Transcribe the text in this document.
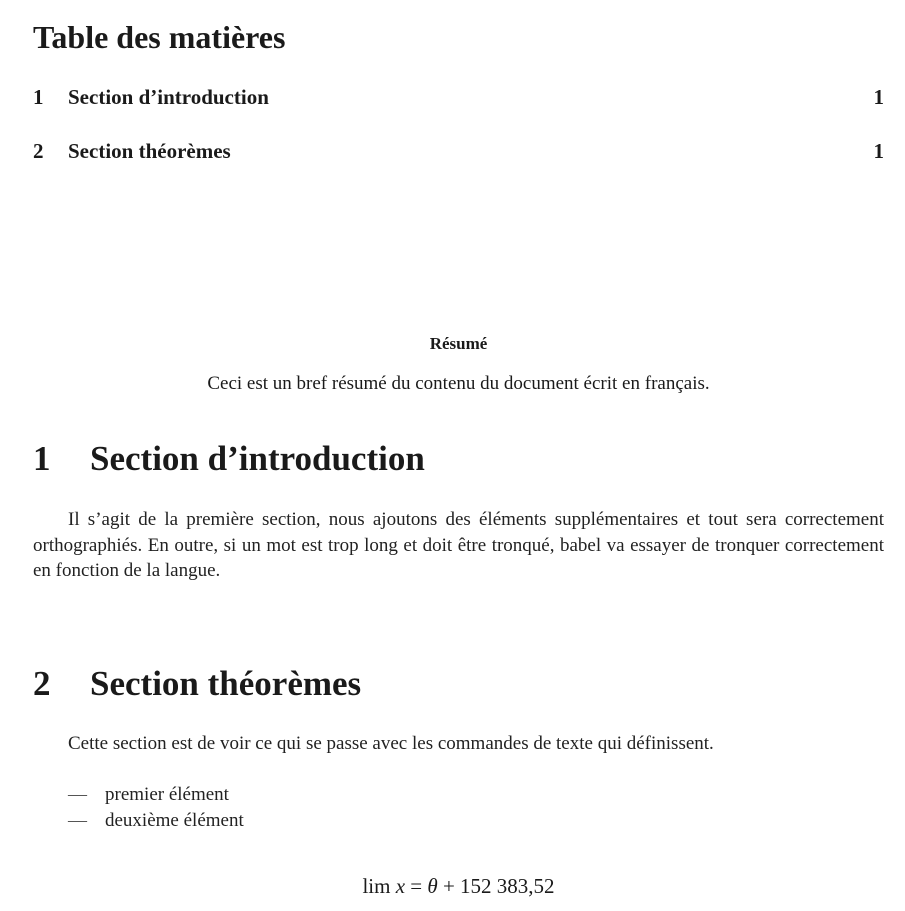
Table des matières
1 Section d’introduction	1
2 Section théorèmes	1
Résumé
Ceci est un bref résumé du contenu du document écrit en français.
1 Section d’introduction

Il s’agit de la première section, nous ajoutons des éléments supplémentaires et tout sera correctement orthographiés. En outre, si un mot est trop long et doit être tronqué, babel va essayer de tronquer correctement en fonction de la langue.

2 Section théorèmes

Cette section est de voir ce qui se passe avec les commandes de texte qui définissent.

— premier élément
— deuxième élément
lim x = θ + 152 383,52
